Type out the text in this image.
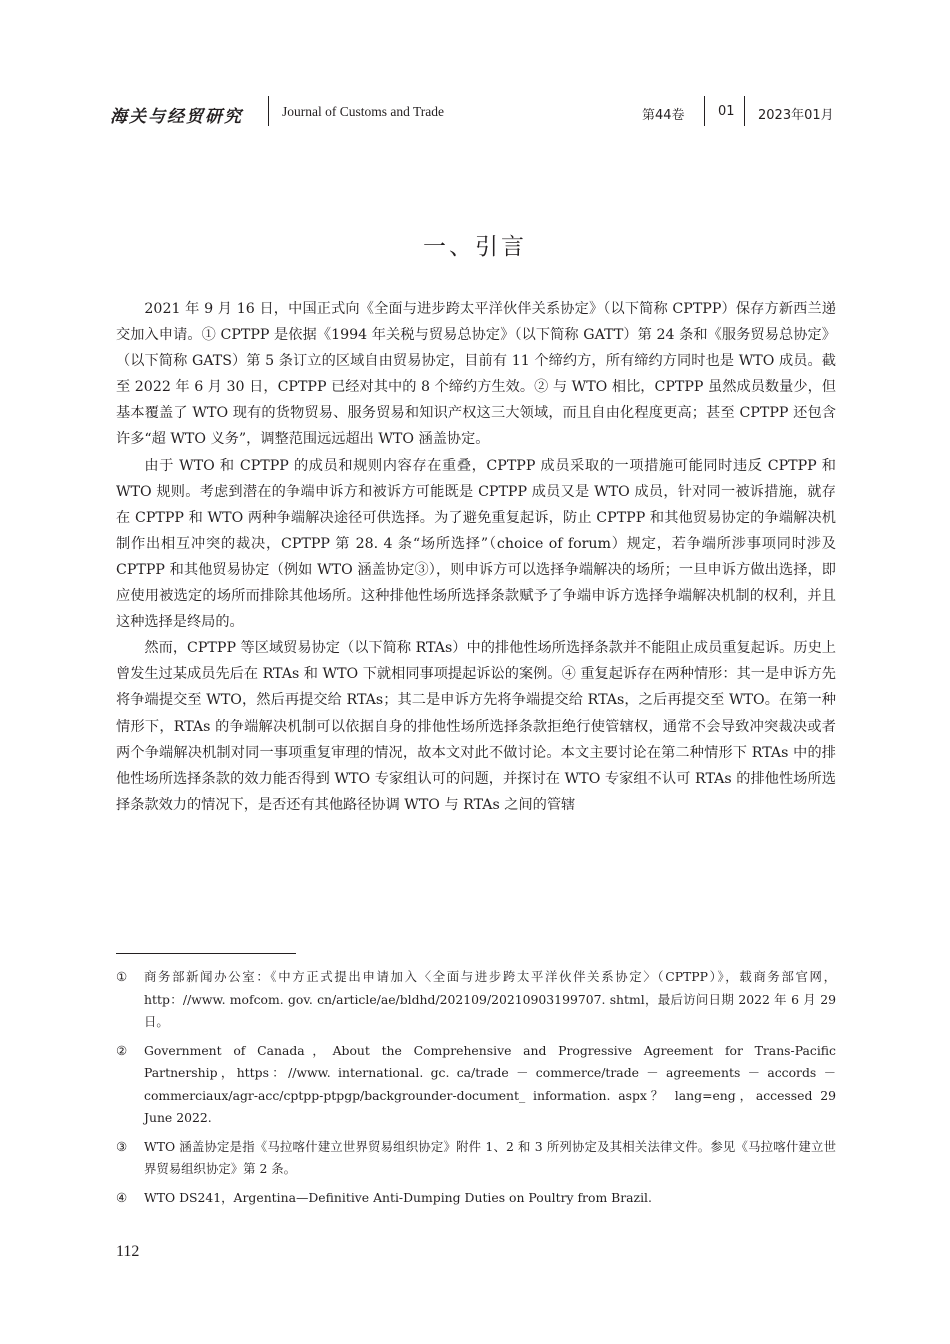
海关与经贸研究	Journal of Customs and Trade	第44卷	01 2023年01月
一、引言

2021 年 9 月 16 日，中国正式向《全面与进步跨太平洋伙伴关系协定》（以下简称 CPTPP）保存方新西兰递交加入申请。① CPTPP 是依据《1994 年关税与贸易总协定》（以下简称 GATT）第 24 条和《服务贸易总协定》（以下简称 GATS）第 5 条订立的区域自由贸易协定，目前有 11 个缔约方，所有缔约方同时也是 WTO 成员。截至 2022 年 6 月 30 日，CPTPP 已经对其中的 8 个缔约方生效。② 与 WTO 相比，CPTPP 虽然成员数量少，但基本覆盖了 WTO 现有的货物贸易、服务贸易和知识产权这三大领域，而且自由化程度更高；甚至 CPTPP 还包含许多“超 WTO 义务”，调整范围远远超出 WTO 涵盖协定。

由于 WTO 和 CPTPP 的成员和规则内容存在重叠，CPTPP 成员采取的一项措施可能同时违反 CPTPP 和 WTO 规则。考虑到潜在的争端申诉方和被诉方可能既是 CPTPP 成员又是 WTO 成员，针对同一被诉措施，就存在 CPTPP 和 WTO 两种争端解决途径可供选择。为了避免重复起诉，防止 CPTPP 和其他贸易协定的争端解决机制作出相互冲突的裁决，CPTPP 第 28. 4 条“场所选择”（choice of forum）规定，若争端所涉事项同时涉及 CPTPP 和其他贸易协定（例如 WTO 涵盖协定③），则申诉方可以选择争端解决的场所；一旦申诉方做出选择，即应使用被选定的场所而排除其他场所。这种排他性场所选择条款赋予了争端申诉方选择争端解决机制的权利，并且这种选择是终局的。

然而，CPTPP 等区域贸易协定（以下简称 RTAs）中的排他性场所选择条款并不能阻止成员重复起诉。历史上曾发生过某成员先后在 RTAs 和 WTO 下就相同事项提起诉讼的案例。④ 重复起诉存在两种情形：其一是申诉方先将争端提交至 WTO，然后再提交给 RTAs；其二是申诉方先将争端提交给 RTAs，之后再提交至 WTO。在第一种情形下，RTAs 的争端解决机制可以依据自身的排他性场所选择条款拒绝行使管辖权，通常不会导致冲突裁决或者两个争端解决机制对同一事项重复审理的情况，故本文对此不做讨论。本文主要讨论在第二种情形下 RTAs 中的排他性场所选择条款的效力能否得到 WTO 专家组认可的问题，并探讨在 WTO 专家组不认可 RTAs 的排他性场所选择条款效力的情况下，是否还有其他路径协调 WTO 与 RTAs 之间的管辖

① 商务部新闻办公室：《中方正式提出申请加入〈全面与进步跨太平洋伙伴关系协定〉（CPTPP）》，载商务部官网，http：//www. mofcom. gov. cn/article/ae/bldhd/202109/20210903199707. shtml，最后访问日期 2022 年 6 月 29 日。
② Government of Canada，About the Comprehensive and Progressive Agreement for Trans-Pacific Partnership，https：//www. international. gc. ca/trade － commerce/trade － agreements － accords － commerciaux/agr-acc/cptpp-ptpgp/backgrounder-document_ information. aspx？ lang=eng，accessed 29 June 2022.
③ WTO 涵盖协定是指《马拉喀什建立世界贸易组织协定》附件 1、2 和 3 所列协定及其相关法律文件。参见《马拉喀什建立世界贸易组织协定》第 2 条。
④ WTO DS241，Argentina—Definitive Anti-Dumping Duties on Poultry from Brazil.
112
